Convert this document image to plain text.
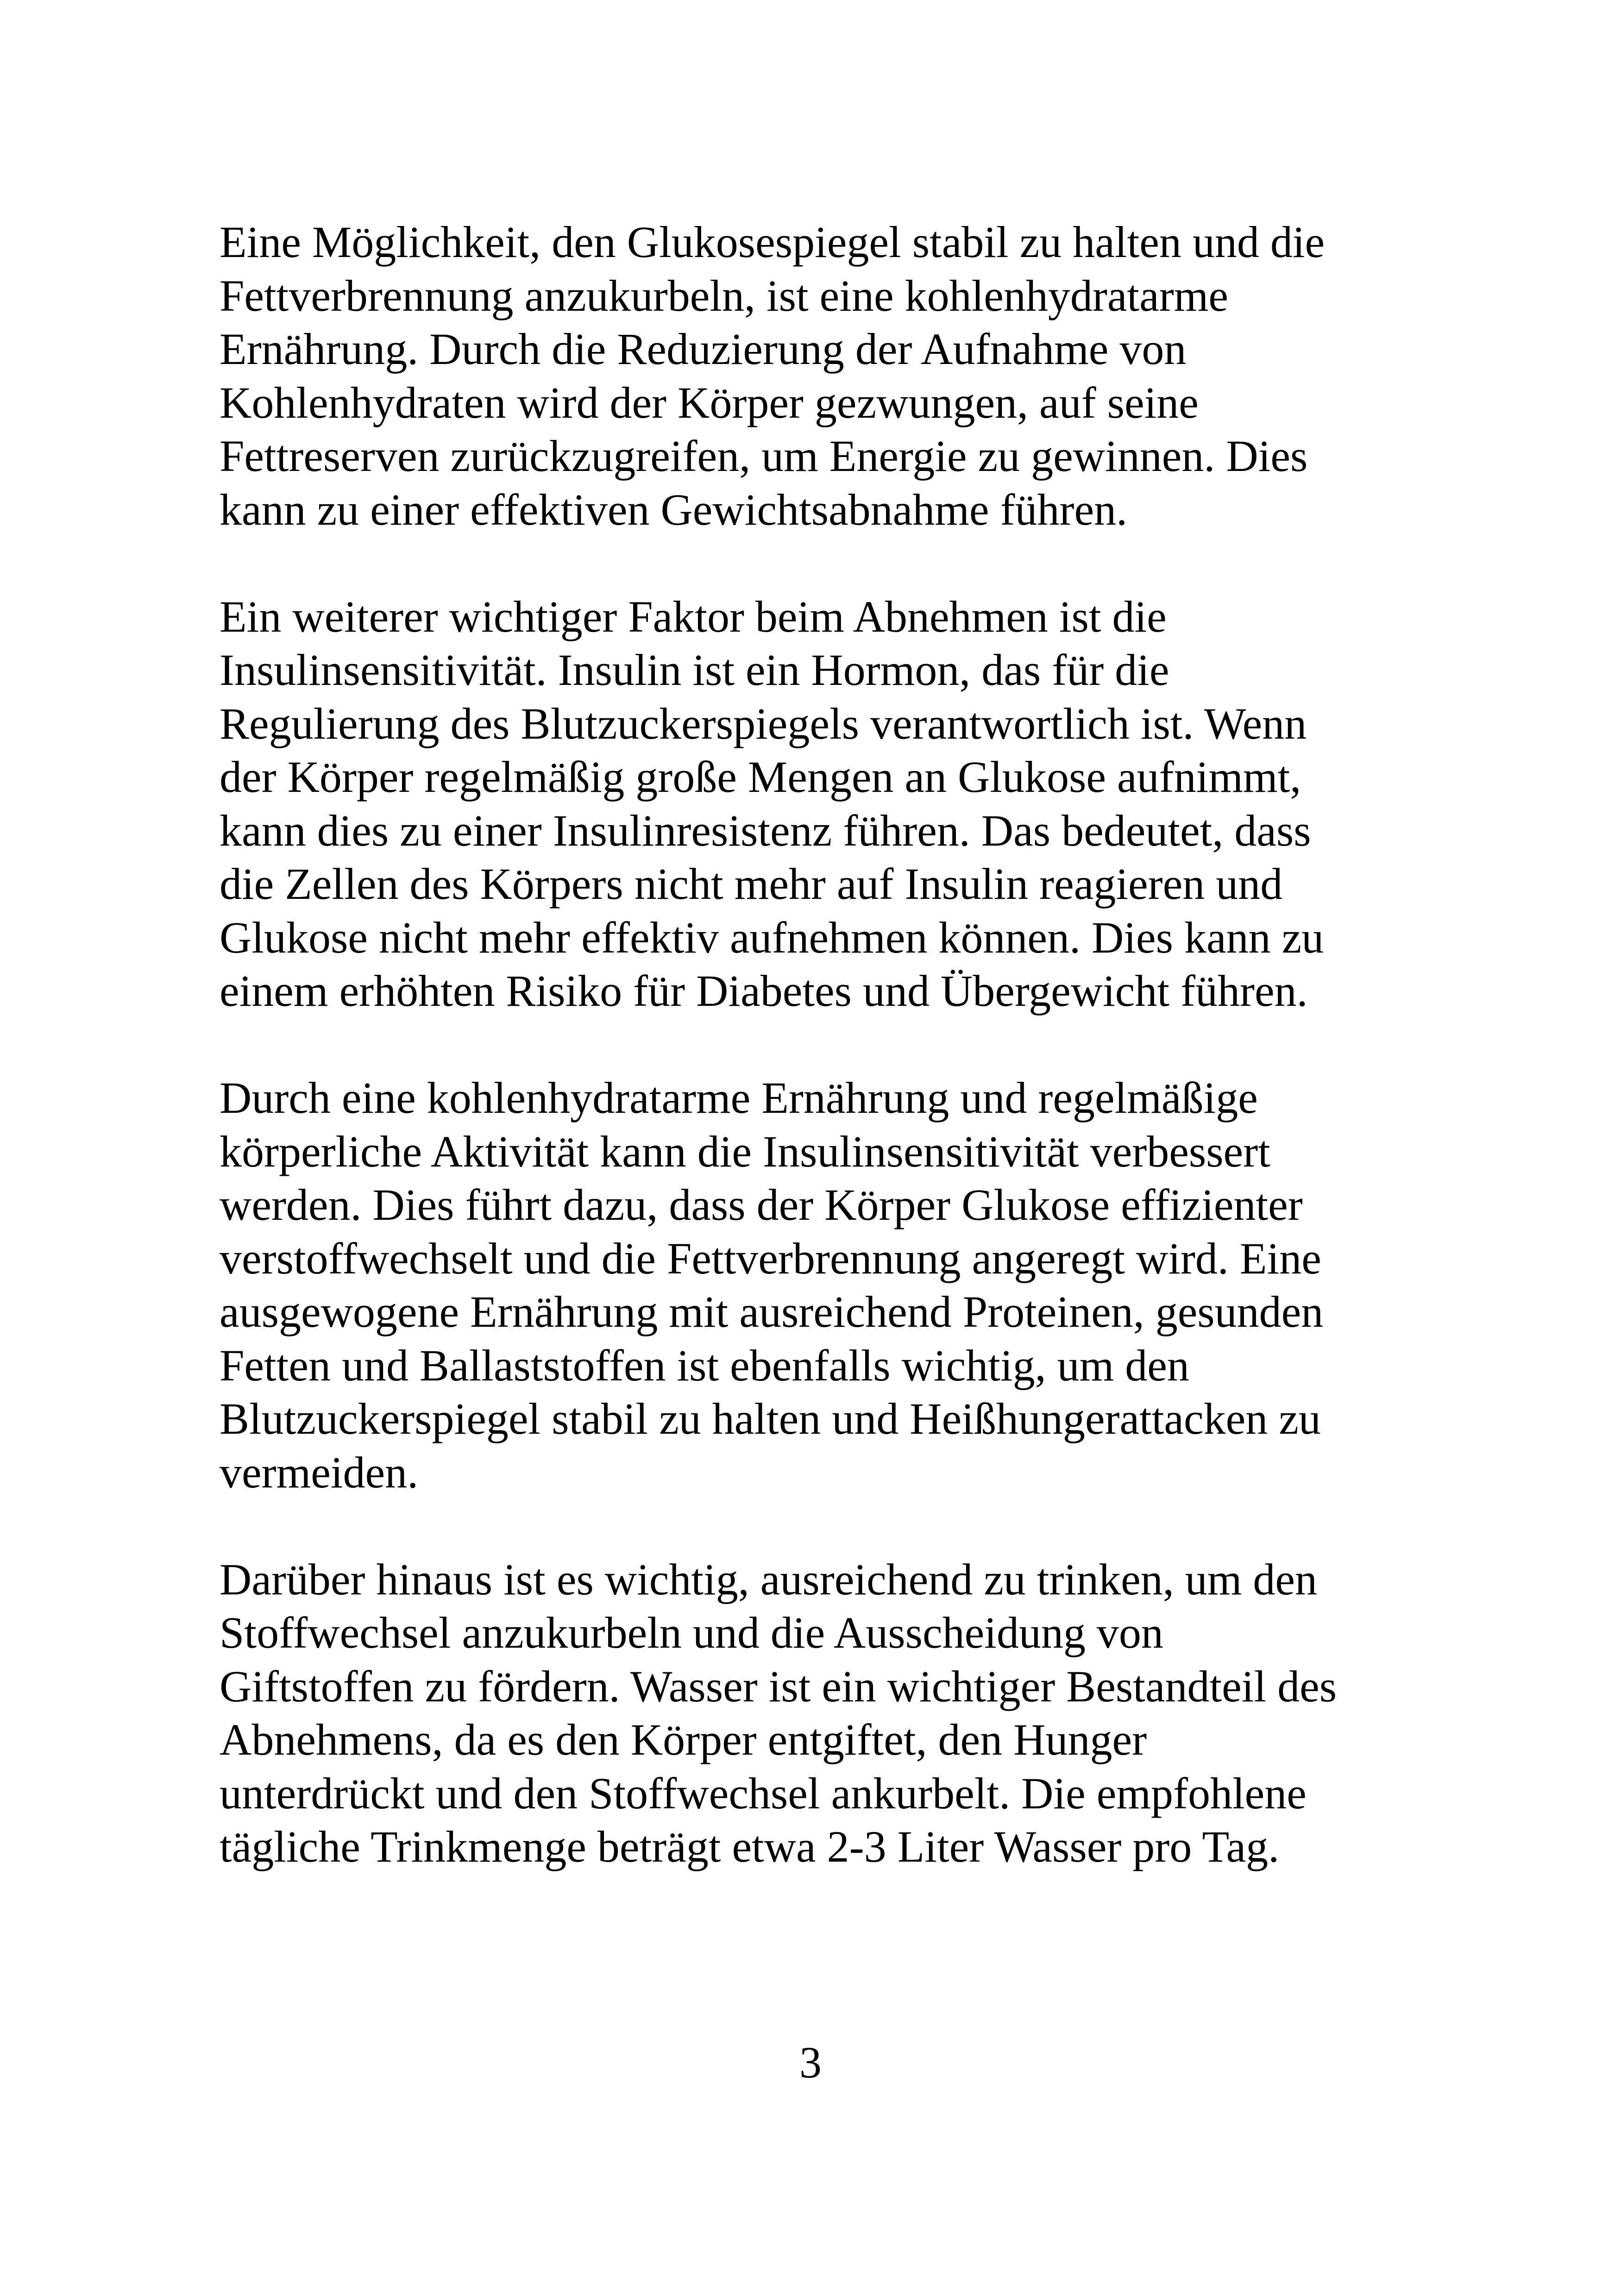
Eine Möglichkeit, den Glukosespiegel stabil zu halten und die
Fettverbrennung anzukurbeln, ist eine kohlenhydratarme
Ernährung. Durch die Reduzierung der Aufnahme von
Kohlenhydraten wird der Körper gezwungen, auf seine
Fettreserven zurückzugreifen, um Energie zu gewinnen. Dies
kann zu einer effektiven Gewichtsabnahme führen.

Ein weiterer wichtiger Faktor beim Abnehmen ist die
Insulinsensitivität. Insulin ist ein Hormon, das für die
Regulierung des Blutzuckerspiegels verantwortlich ist. Wenn
der Körper regelmäßig große Mengen an Glukose aufnimmt,
kann dies zu einer Insulinresistenz führen. Das bedeutet, dass
die Zellen des Körpers nicht mehr auf Insulin reagieren und
Glukose nicht mehr effektiv aufnehmen können. Dies kann zu
einem erhöhten Risiko für Diabetes und Übergewicht führen.

Durch eine kohlenhydratarme Ernährung und regelmäßige
körperliche Aktivität kann die Insulinsensitivität verbessert
werden. Dies führt dazu, dass der Körper Glukose effizienter
verstoffwechselt und die Fettverbrennung angeregt wird. Eine
ausgewogene Ernährung mit ausreichend Proteinen, gesunden
Fetten und Ballaststoffen ist ebenfalls wichtig, um den
Blutzuckerspiegel stabil zu halten und Heißhungerattacken zu
vermeiden.

Darüber hinaus ist es wichtig, ausreichend zu trinken, um den
Stoffwechsel anzukurbeln und die Ausscheidung von
Giftstoffen zu fördern. Wasser ist ein wichtiger Bestandteil des
Abnehmens, da es den Körper entgiftet, den Hunger
unterdrückt und den Stoffwechsel ankurbelt. Die empfohlene
tägliche Trinkmenge beträgt etwa 2-3 Liter Wasser pro Tag.

3
